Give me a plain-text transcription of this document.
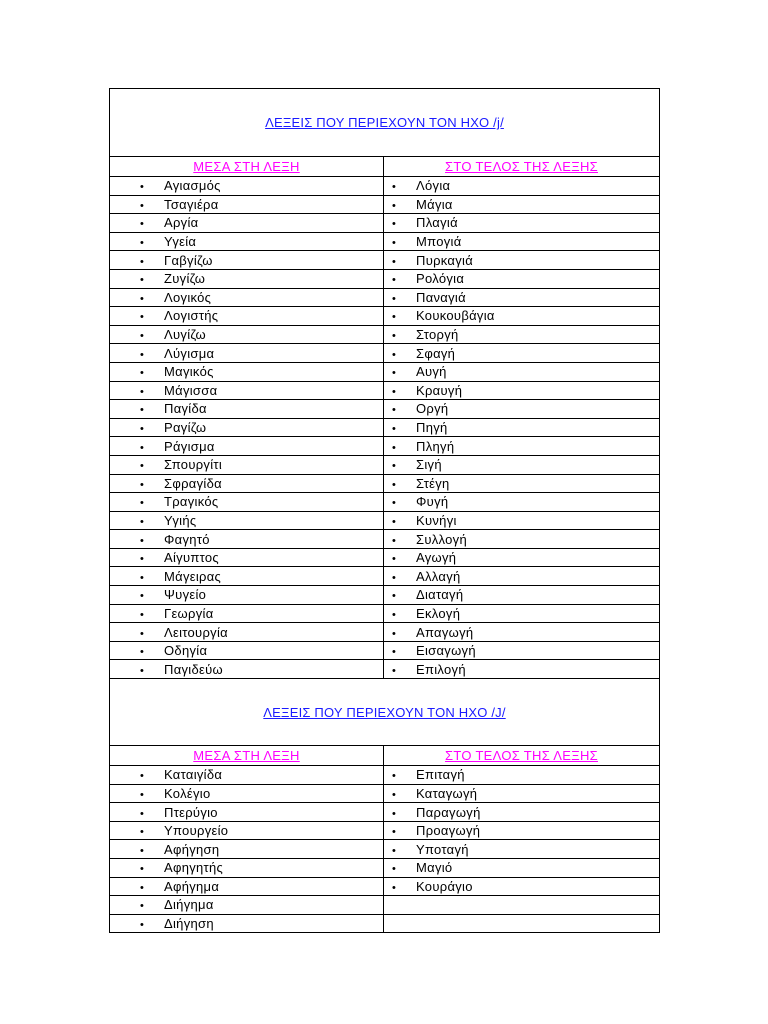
ΛΕΞΕΙΣ ΠΟΥ ΠΕΡΙΕΧΟΥΝ ΤΟΝ ΗΧΟ /j/	
ΜΕΣΑ ΣΤΗ ΛΕΞΗ	ΣΤΟ ΤΕΛΟΣ ΤΗΣ ΛΕΞΗΣ
• Αγιασμός	• Λόγια
• Τσαγιέρα	• Μάγια
• Αργία	• Πλαγιά
• Υγεία	• Μπογιά
• Γαβγίζω	• Πυρκαγιά
• Ζυγίζω	• Ρολόγια
• Λογικός	• Παναγιά
• Λογιστής	• Κουκουβάγια
• Λυγίζω	• Στοργή
• Λύγισμα	• Σφαγή
• Μαγικός	• Αυγή
• Μάγισσα	• Κραυγή
• Παγίδα	• Οργή
• Ραγίζω	• Πηγή
• Ράγισμα	• Πληγή
• Σπουργίτι	• Σιγή
• Σφραγίδα	• Στέγη
• Τραγικός	• Φυγή
• Υγιής	• Κυνήγι
• Φαγητό	• Συλλογή
• Αίγυπτος	• Αγωγή
• Μάγειρας	• Αλλαγή
• Ψυγείο	• Διαταγή
• Γεωργία	• Εκλογή
• Λειτουργία	• Απαγωγή
• Οδηγία	• Εισαγωγή
• Παγιδεύω	• Επιλογή
ΛΕΞΕΙΣ ΠΟΥ ΠΕΡΙΕΧΟΥΝ ΤΟΝ ΗΧΟ /J/	
ΜΕΣΑ ΣΤΗ ΛΕΞΗ	ΣΤΟ ΤΕΛΟΣ ΤΗΣ ΛΕΞΗΣ
• Καταιγίδα	• Επιταγή
• Κολέγιο	• Καταγωγή
• Πτερύγιο	• Παραγωγή
• Υπουργείο	• Προαγωγή
• Αφήγηση	• Υποταγή
• Αφηγητής	• Μαγιό
• Αφήγημα	• Κουράγιο
• Διήγημα	
• Διήγηση	
